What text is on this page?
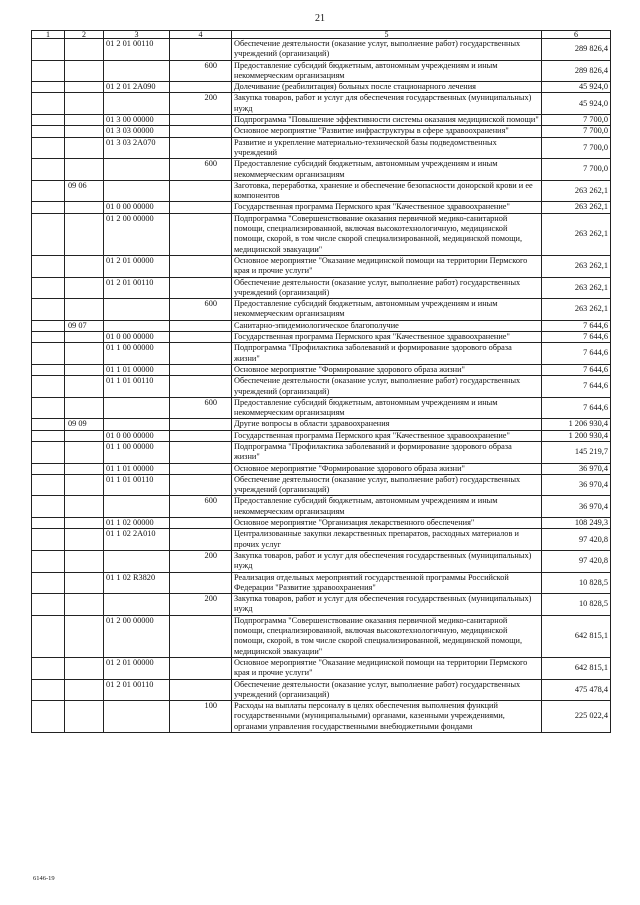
21
1	2	3	4	5	6
		01 2 01 00110		Обеспечение деятельности (оказание услуг, выполнение работ) государственных учреждений (организаций)	289 826,4
			600	Предоставление субсидий бюджетным, автономным учреждениям и иным некоммерческим организациям	289 826,4
		01 2 01 2А090		Долечивание (реабилитация) больных после стационарного лечения	45 924,0
			200	Закупка товаров, работ и услуг для обеспечения государственных (муниципальных) нужд	45 924,0
		01 3 00 00000		Подпрограмма "Повышение эффективности системы оказания медицинской помощи"	7 700,0
		01 3 03 00000		Основное мероприятие "Развитие инфраструктуры в сфере здравоохранения"	7 700,0
		01 3 03 2А070		Развитие и укрепление материально-технической базы подведомственных учреждений	7 700,0
			600	Предоставление субсидий бюджетным, автономным учреждениям и иным некоммерческим организациям	7 700,0
	09 06			Заготовка, переработка, хранение и обеспечение безопасности донорской крови и ее компонентов	263 262,1
		01 0 00 00000		Государственная программа Пермского края "Качественное здравоохранение"	263 262,1
		01 2 00 00000		Подпрограмма "Совершенствование оказания первичной медико-санитарной помощи, специализированной, включая высокотехнологичную, медицинской помощи, скорой, в том числе скорой специализированной, медицинской помощи, медицинской эвакуации"	263 262,1
		01 2 01 00000		Основное мероприятие "Оказание медицинской помощи на территории Пермского края и прочие услуги"	263 262,1
		01 2 01 00110		Обеспечение деятельности (оказание услуг, выполнение работ) государственных учреждений (организаций)	263 262,1
			600	Предоставление субсидий бюджетным, автономным учреждениям и иным некоммерческим организациям	263 262,1
	09 07			Санитарно-эпидемиологическое благополучие	7 644,6
		01 0 00 00000		Государственная программа Пермского края "Качественное здравоохранение"	7 644,6
		01 1 00 00000		Подпрограмма "Профилактика заболеваний и формирование здорового образа жизни"	7 644,6
		01 1 01 00000		Основное мероприятие "Формирование здорового образа жизни"	7 644,6
		01 1 01 00110		Обеспечение деятельности (оказание услуг, выполнение работ) государственных учреждений (организаций)	7 644,6
			600	Предоставление субсидий бюджетным, автономным учреждениям и иным некоммерческим организациям	7 644,6
	09 09			Другие вопросы в области здравоохранения	1 206 930,4
		01 0 00 00000		Государственная программа Пермского края "Качественное здравоохранение"	1 200 930,4
		01 1 00 00000		Подпрограмма "Профилактика заболеваний и формирование здорового образа жизни"	145 219,7
		01 1 01 00000		Основное мероприятие "Формирование здорового образа жизни"	36 970,4
		01 1 01 00110		Обеспечение деятельности (оказание услуг, выполнение работ) государственных учреждений (организаций)	36 970,4
			600	Предоставление субсидий бюджетным, автономным учреждениям и иным некоммерческим организациям	36 970,4
		01 1 02 00000		Основное мероприятие "Организация лекарственного обеспечения"	108 249,3
		01 1 02 2А010		Централизованные закупки лекарственных препаратов, расходных материалов и прочих услуг	97 420,8
			200	Закупка товаров, работ и услуг для обеспечения государственных (муниципальных) нужд	97 420,8
		01 1 02 R3820		Реализация отдельных мероприятий государственной программы Российской Федерации "Развитие здравоохранения"	10 828,5
			200	Закупка товаров, работ и услуг для обеспечения государственных (муниципальных) нужд	10 828,5
		01 2 00 00000		Подпрограмма "Совершенствование оказания первичной медико-санитарной помощи, специализированной, включая высокотехнологичную, медицинской помощи, скорой, в том числе скорой специализированной, медицинской помощи, медицинской эвакуации"	642 815,1
		01 2 01 00000		Основное мероприятие "Оказание медицинской помощи на территории Пермского края и прочие услуги"	642 815,1
		01 2 01 00110		Обеспечение деятельности (оказание услуг, выполнение работ) государственных учреждений (организаций)	475 478,4
			100	Расходы на выплаты персоналу в целях обеспечения выполнения функций государственными (муниципальными) органами, казенными учреждениями, органами управления государственными внебюджетными фондами	225 022,4
6146-19
